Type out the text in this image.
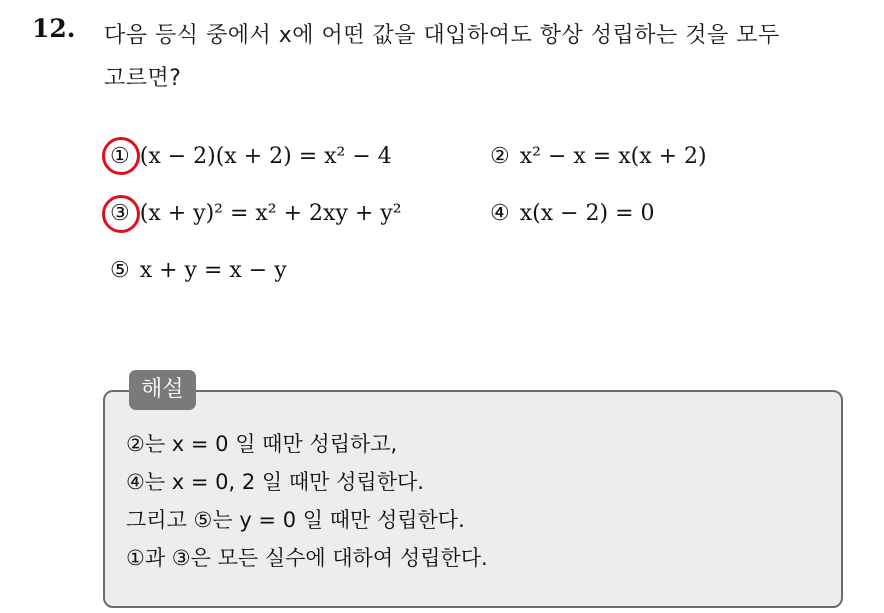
12. 다음 등식 중에서 x에 어떤 값을 대입하여도 항상 성립하는 것을 모두
고르면?
① (x − 2)(x + 2) = x² − 4	② x² − x = x(x + 2)
③ (x + y)² = x² + 2xy + y²	④ x(x − 2) = 0
⑤ x + y = x − y
해설
②는 x = 0 일 때만 성립하고,
④는 x = 0, 2 일 때만 성립한다.
그리고 ⑤는 y = 0 일 때만 성립한다.
①과 ③은 모든 실수에 대하여 성립한다.
